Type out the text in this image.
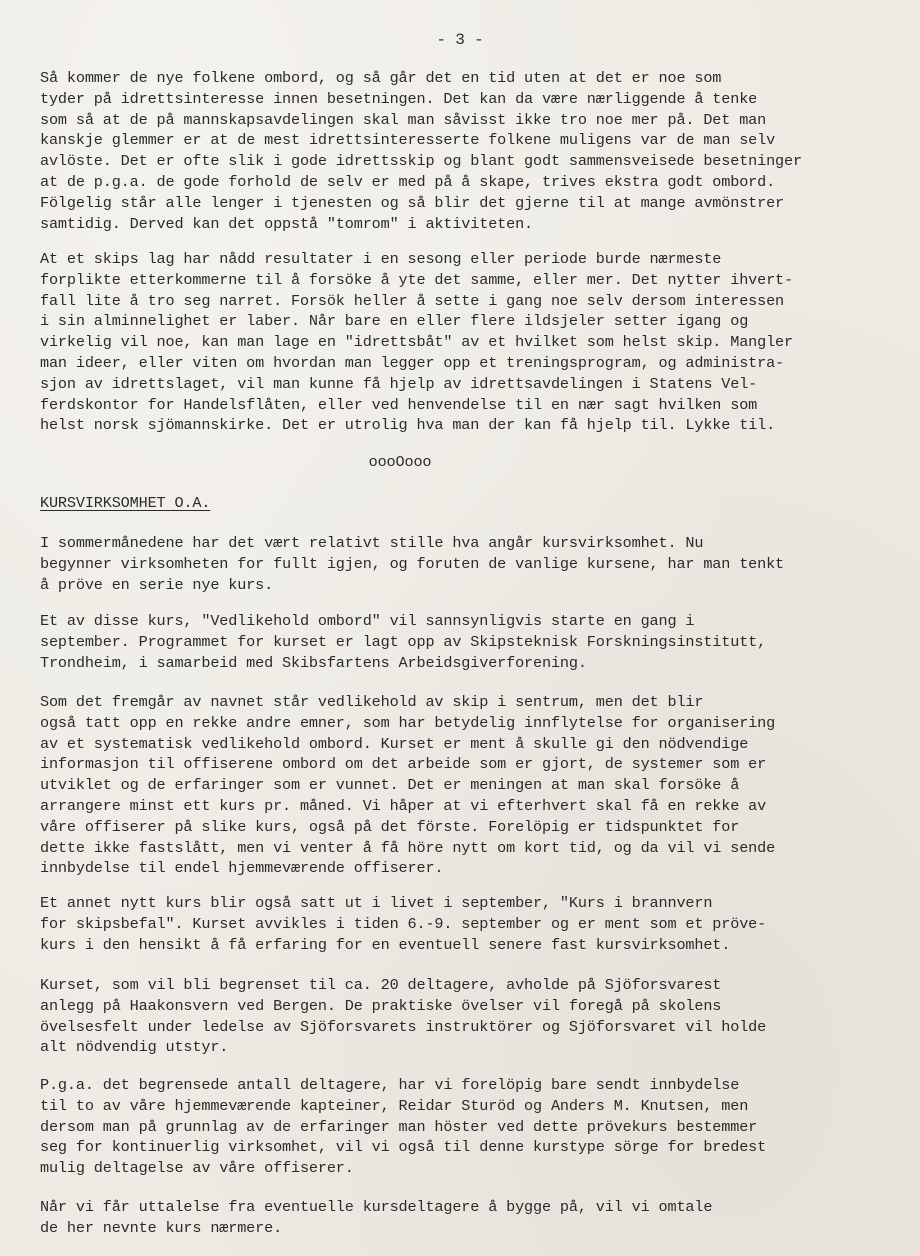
- 3 -

Så kommer de nye folkene ombord, og så går det en tid uten at det er noe som
tyder på idrettsinteresse innen besetningen. Det kan da være nærliggende å tenke
som så at de på mannskapsavdelingen skal man såvisst ikke tro noe mer på. Det man
kanskje glemmer er at de mest idrettsinteresserte folkene muligens var de man selv
avlöste. Det er ofte slik i gode idrettsskip og blant godt sammensveisede besetninger
at de p.g.a. de gode forhold de selv er med på å skape, trives ekstra godt ombord.
Fölgelig står alle lenger i tjenesten og så blir det gjerne til at mange avmönstrer
samtidig. Derved kan det oppstå "tomrom" i aktiviteten.

At et skips lag har nådd resultater i en sesong eller periode burde nærmeste
forplikte etterkommerne til å forsöke å yte det samme, eller mer. Det nytter ihvert-
fall lite å tro seg narret. Forsök heller å sette i gang noe selv dersom interessen
i sin alminnelighet er laber. Når bare en eller flere ildsjeler setter igang og
virkelig vil noe, kan man lage en "idrettsbåt" av et hvilket som helst skip. Mangler
man ideer, eller viten om hvordan man legger opp et treningsprogram, og administra-
sjon av idrettslaget, vil man kunne få hjelp av idrettsavdelingen i Statens Vel-
ferdskontor for Handelsflåten, eller ved henvendelse til en nær sagt hvilken som
helst norsk sjömannskirke. Det er utrolig hva man der kan få hjelp til. Lykke til.

oooOooo
KURSVIRKSOMHET O.A.

I sommermånedene har det vært relativt stille hva angår kursvirksomhet. Nu
begynner virksomheten for fullt igjen, og foruten de vanlige kursene, har man tenkt
å pröve en serie nye kurs.

Et av disse kurs, "Vedlikehold ombord" vil sannsynligvis starte en gang i
september. Programmet for kurset er lagt opp av Skipsteknisk Forskningsinstitutt,
Trondheim, i samarbeid med Skibsfartens Arbeidsgiverforening.

Som det fremgår av navnet står vedlikehold av skip i sentrum, men det blir
også tatt opp en rekke andre emner, som har betydelig innflytelse for organisering
av et systematisk vedlikehold ombord. Kurset er ment å skulle gi den nödvendige
informasjon til offiserene ombord om det arbeide som er gjort, de systemer som er
utviklet og de erfaringer som er vunnet. Det er meningen at man skal forsöke å
arrangere minst ett kurs pr. måned. Vi håper at vi efterhvert skal få en rekke av
våre offiserer på slike kurs, også på det förste. Forelöpig er tidspunktet for
dette ikke fastslått, men vi venter å få höre nytt om kort tid, og da vil vi sende
innbydelse til endel hjemmeværende offiserer.

Et annet nytt kurs blir også satt ut i livet i september, "Kurs i brannvern
for skipsbefal". Kurset avvikles i tiden 6.-9. september og er ment som et pröve-
kurs i den hensikt å få erfaring for en eventuell senere fast kursvirksomhet.

Kurset, som vil bli begrenset til ca. 20 deltagere, avholde på Sjöforsvarest
anlegg på Haakonsvern ved Bergen. De praktiske övelser vil foregå på skolens
övelsesfelt under ledelse av Sjöforsvarets instruktörer og Sjöforsvaret vil holde
alt nödvendig utstyr.

P.g.a. det begrensede antall deltagere, har vi forelöpig bare sendt innbydelse
til to av våre hjemmeværende kapteiner, Reidar Sturöd og Anders M. Knutsen, men
dersom man på grunnlag av de erfaringer man höster ved dette prövekurs bestemmer
seg for kontinuerlig virksomhet, vil vi også til denne kurstype sörge for bredest
mulig deltagelse av våre offiserer.

Når vi får uttalelse fra eventuelle kursdeltagere å bygge på, vil vi omtale
de her nevnte kurs nærmere.
